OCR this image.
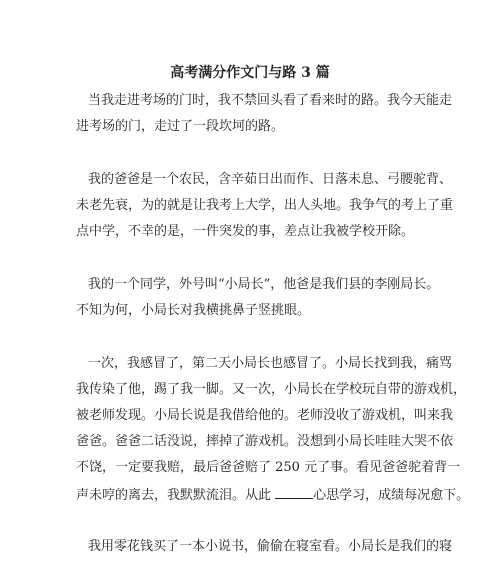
高考满分作文门与路 3 篇
当我走进考场的门时，我不禁回头看了看来时的路。我今天能走
进考场的门，走过了一段坎坷的路。
我的爸爸是一个农民，含辛茹日出而作、日落未息、弓腰驼背、
未老先衰，为的就是让我考上大学，出人头地。我争气的考上了重
点中学，不幸的是，一件突发的事，差点让我被学校开除。
我的一个同学，外号叫“小局长”，他爸是我们县的李刚局长。
不知为何，小局长对我横挑鼻子竖挑眼。
一次，我感冒了，第二天小局长也感冒了。小局长找到我，痛骂
我传染了他，踢了我一脚。又一次，小局长在学校玩自带的游戏机，
被老师发现。小局长说是我借给他的。老师没收了游戏机，叫来我
爸爸。爸爸二话没说，摔掉了游戏机。没想到小局长哇哇大哭不依
不饶，一定要我赔，最后爸爸赔了 250 元了事。看见爸爸驼着背一
声未哼的离去，我默默流泪。从此	心思学习，成绩每况愈下。
我用零花钱买了一本小说书，偷偷在寝室看。小局长是我们的寝
